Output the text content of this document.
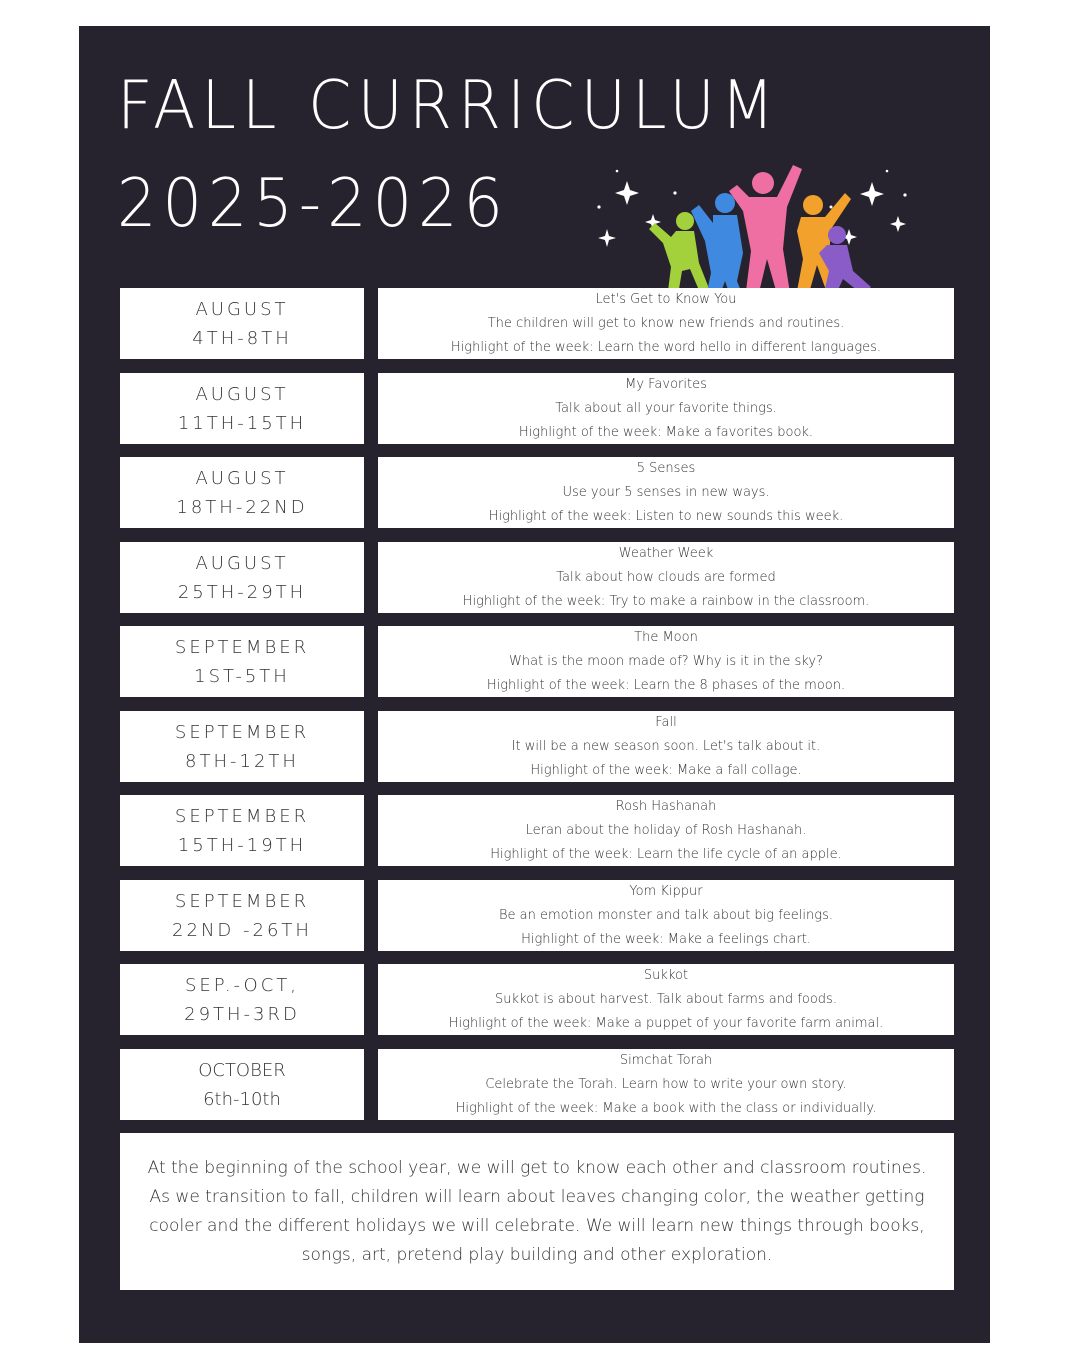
FALL CURRICULUM
2025-2026
AUGUST
4TH-8TH
Let's Get to Know You
The children will get to know new friends and routines.
Highlight of the week: Learn the word hello in different languages.
AUGUST
11TH-15TH
My Favorites
Talk about all your favorite things.
Highlight of the week: Make a favorites book.
AUGUST
18TH-22ND
5 Senses
Use your 5 senses in new ways.
Highlight of the week: Listen to new sounds this week.
AUGUST
25TH-29TH
Weather Week
Talk about how clouds are formed
Highlight of the week: Try to make a rainbow in the classroom.
SEPTEMBER
1ST-5TH
The Moon
What is the moon made of? Why is it in the sky?
Highlight of the week: Learn the 8 phases of the moon.
SEPTEMBER
8TH-12TH
Fall
It will be a new season soon. Let's talk about it.
Highlight of the week: Make a fall collage.
SEPTEMBER
15TH-19TH
Rosh Hashanah
Leran about the holiday of Rosh Hashanah.
Highlight of the week: Learn the life cycle of an apple.
SEPTEMBER
22ND -26TH
Yom Kippur
Be an emotion monster and talk about big feelings.
Highlight of the week: Make a feelings chart.
SEP.-OCT,
29TH-3RD
Sukkot
Sukkot is about harvest. Talk about farms and foods.
Highlight of the week: Make a puppet of your favorite farm animal.
OCTOBER
6th-10th
Simchat Torah
Celebrate the Torah. Learn how to write your own story.
Highlight of the week: Make a book with the class or individually.

At the beginning of the school year, we will get to know each other and classroom routines. As we transition to fall, children will learn about leaves changing color, the weather getting cooler and the different holidays we will celebrate. We will learn new things through books, songs, art, pretend play building and other exploration.
